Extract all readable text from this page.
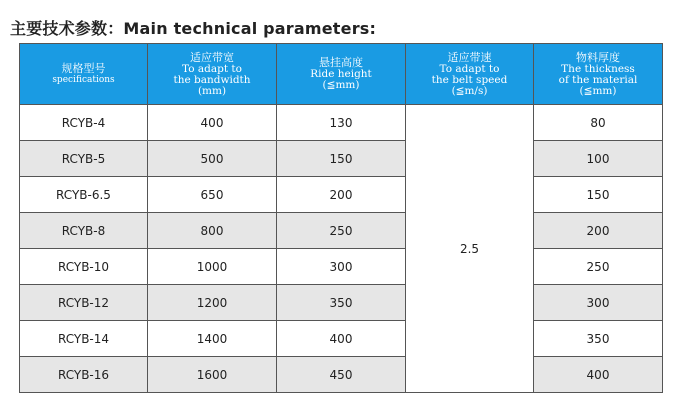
主要技术参数：Main technical parameters:
规格型号
specifications	适应带宽
To adapt to
the bandwidth
(mm)	悬挂高度
Ride height
(≦mm)	适应带速
To adapt to
the belt speed
(≦m/s)	物料厚度
The thickness
of the material
(≦mm)

RCYB-4	400	130	2.5	80
RCYB-5	500	150		100
RCYB-6.5	650	200		150
RCYB-8	800	250		200
RCYB-10	1000	300		250
RCYB-12	1200	350		300
RCYB-14	1400	400		350
RCYB-16	1600	450		400
